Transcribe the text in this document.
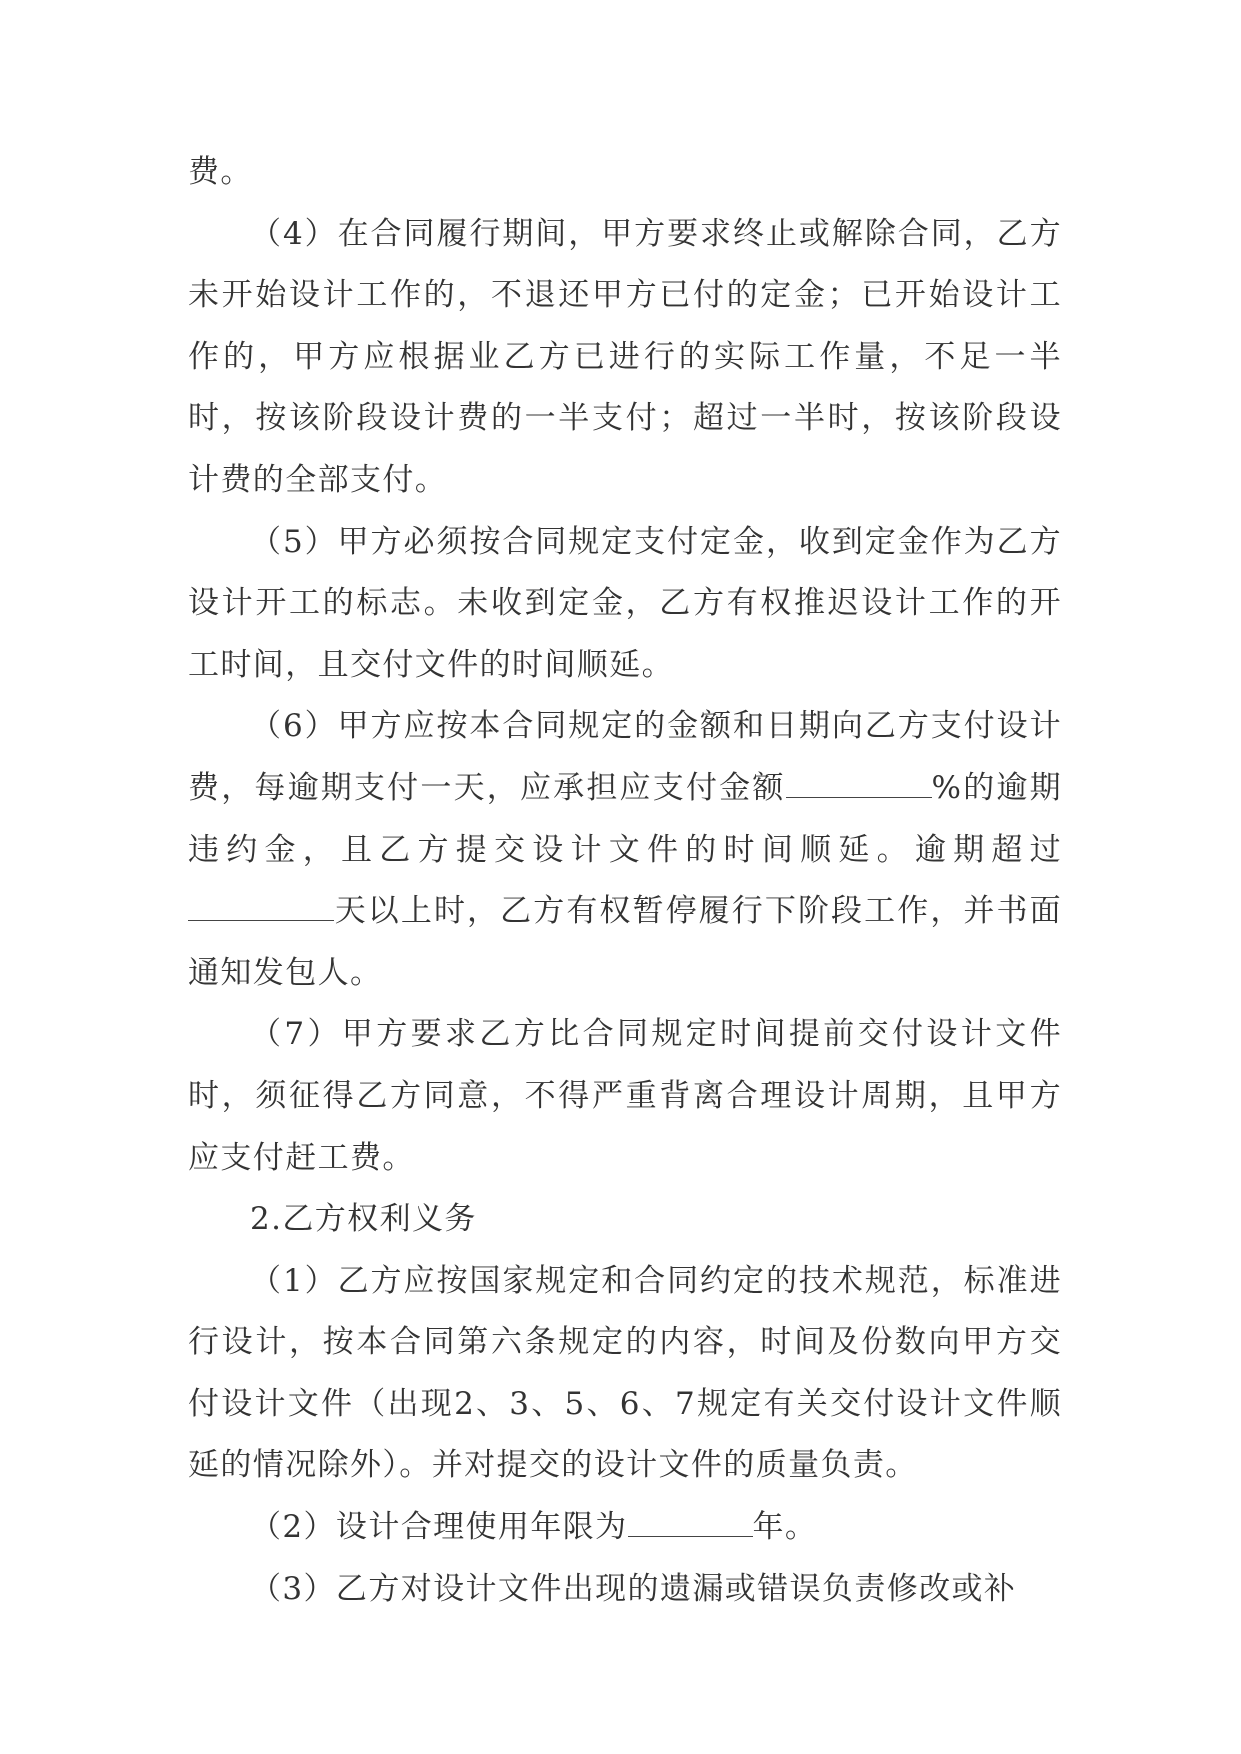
费。

（4）在合同履行期间，甲方要求终止或解除合同，乙方未开始设计工作的，不退还甲方已付的定金；已开始设计工作的，甲方应根据业乙方已进行的实际工作量，不足一半时，按该阶段设计费的一半支付；超过一半时，按该阶段设计费的全部支付。

（5）甲方必须按合同规定支付定金，收到定金作为乙方设计开工的标志。未收到定金，乙方有权推迟设计工作的开工时间，且交付文件的时间顺延。

（6）甲方应按本合同规定的金额和日期向乙方支付设计费，每逾期支付一天，应承担应支付金额	%的逾期违约金，且乙方提交设计文件的时间顺延。逾期超过天以上时，乙方有权暂停履行下阶段工作，并书面通知发包人。

（7）甲方要求乙方比合同规定时间提前交付设计文件时，须征得乙方同意，不得严重背离合理设计周期，且甲方应支付赶工费。

2.乙方权利义务

（1）乙方应按国家规定和合同约定的技术规范，标准进行设计，按本合同第六条规定的内容，时间及份数向甲方交付设计文件（出现2、3、5、6、7规定有关交付设计文件顺延的情况除外）。并对提交的设计文件的质量负责。

（2）设计合理使用年限为	年。

（3）乙方对设计文件出现的遗漏或错误负责修改或补
